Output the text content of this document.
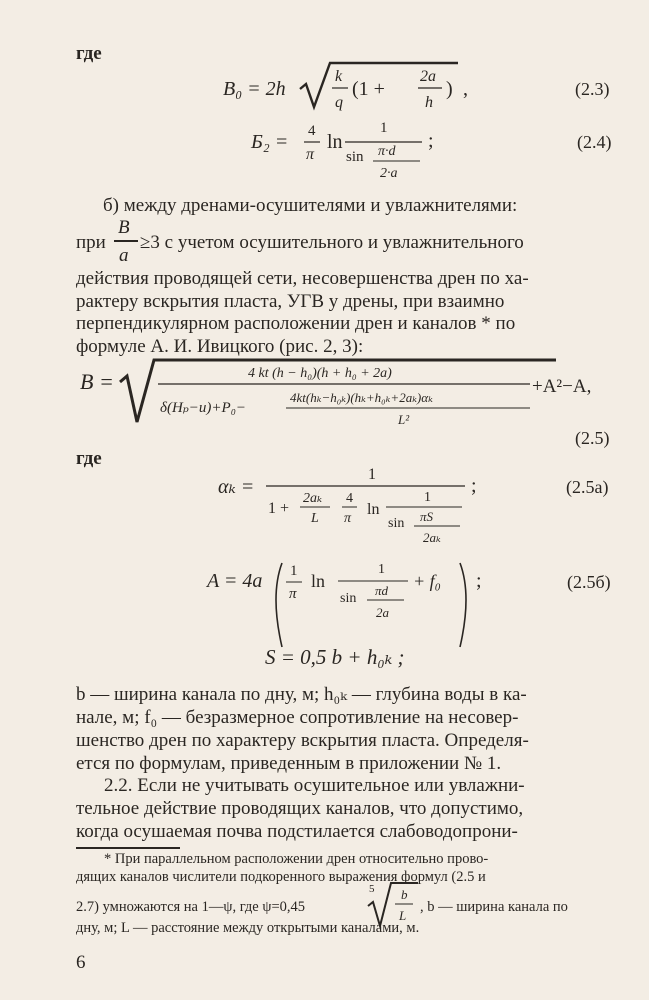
где
B₀ = 2h
k
q
(1 +
2a
h
) ,	(2.3)
Б₂ = 4
π
ln
1
sin π·d
2·a
;	(2.4)
б) между дренами-осушителями и увлажнителями:
при
B
a
≥3 с учетом осушительного и увлажнительного
действия проводящей сети, несовершенства дрен по ха-
рактеру вскрытия пласта, УГВ у дрены, при взаимно
перпендикулярном расположении дрен и каналов * по
формуле А. И. Ивицкого (рис. 2, 3):
B =	4 kt (h − h₀)(h + h₀ + 2a)
δ(Hₚ−u)+P₀−
4kt(hₖ−h₀ₖ)(hₖ+h₀ₖ+2aₖ)αₖ
L²
+A²−A,
(2.5)
где
αₖ =
1
1 +
2aₖ
L
4
π
ln
1
sin πS
2aₖ
;	(2.5a)
A = 4a 1
π
ln
1
sin
πd
2a
+ f₀ ;	(2.5б)
S = 0,5 b + h₀ₖ ;
b — ширина канала по дну, м; h₀ₖ — глубина воды в ка-
нале, м; f₀ — безразмерное сопротивление на несовер-
шенство дрен по характеру вскрытия пласта. Определя-
ется по формулам, приведенным в приложении № 1.
2.2. Если не учитывать осушительное или увлажни-
тельное действие проводящих каналов, что допустимо,
когда осушаемая почва подстилается слабоводопрони-
* При параллельном расположении дрен относительно прово-
дящих каналов числители подкоренного выражения формул (2.5 и
2.7) умножаются на 1—ψ, где ψ=0,45
5 b
L
, b — ширина канала по
дну, м; L — расстояние между открытыми каналами, м.
6
